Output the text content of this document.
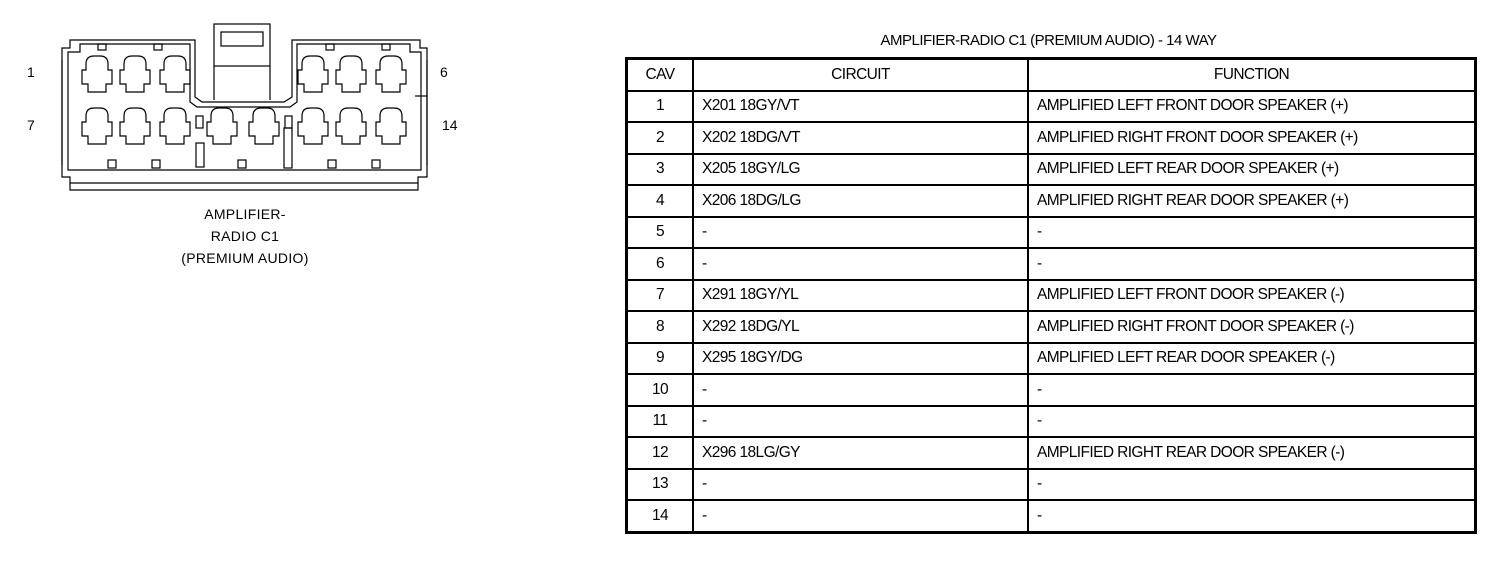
1	6
7	14
AMPLIFIER-
RADIO C1
(PREMIUM AUDIO)
AMPLIFIER-RADIO C1 (PREMIUM AUDIO) - 14 WAY
CAV	CIRCUIT	FUNCTION
1	X201 18GY/VT	AMPLIFIED LEFT FRONT DOOR SPEAKER (+)
2	X202 18DG/VT	AMPLIFIED RIGHT FRONT DOOR SPEAKER (+)
3	X205 18GY/LG	AMPLIFIED LEFT REAR DOOR SPEAKER (+)
4	X206 18DG/LG	AMPLIFIED RIGHT REAR DOOR SPEAKER (+)
5	-	-
6	-	-
7	X291 18GY/YL	AMPLIFIED LEFT FRONT DOOR SPEAKER (-)
8	X292 18DG/YL	AMPLIFIED RIGHT FRONT DOOR SPEAKER (-)
9	X295 18GY/DG	AMPLIFIED LEFT REAR DOOR SPEAKER (-)
10	-	-
11	-	-
12	X296 18LG/GY	AMPLIFIED RIGHT REAR DOOR SPEAKER (-)
13	-	-
14	-	-
